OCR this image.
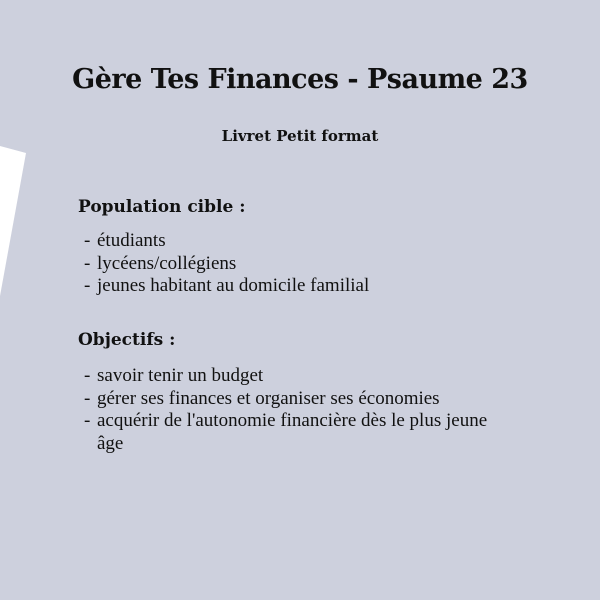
Gère Tes Finances - Psaume 23
Livret Petit format
Population cible :
- étudiants
- lycéens/collégiens
- jeunes habitant au domicile familial
Objectifs :
- savoir tenir un budget
- gérer ses finances et organiser ses économies
- acquérir de l'autonomie financière dès le plus jeune âge
